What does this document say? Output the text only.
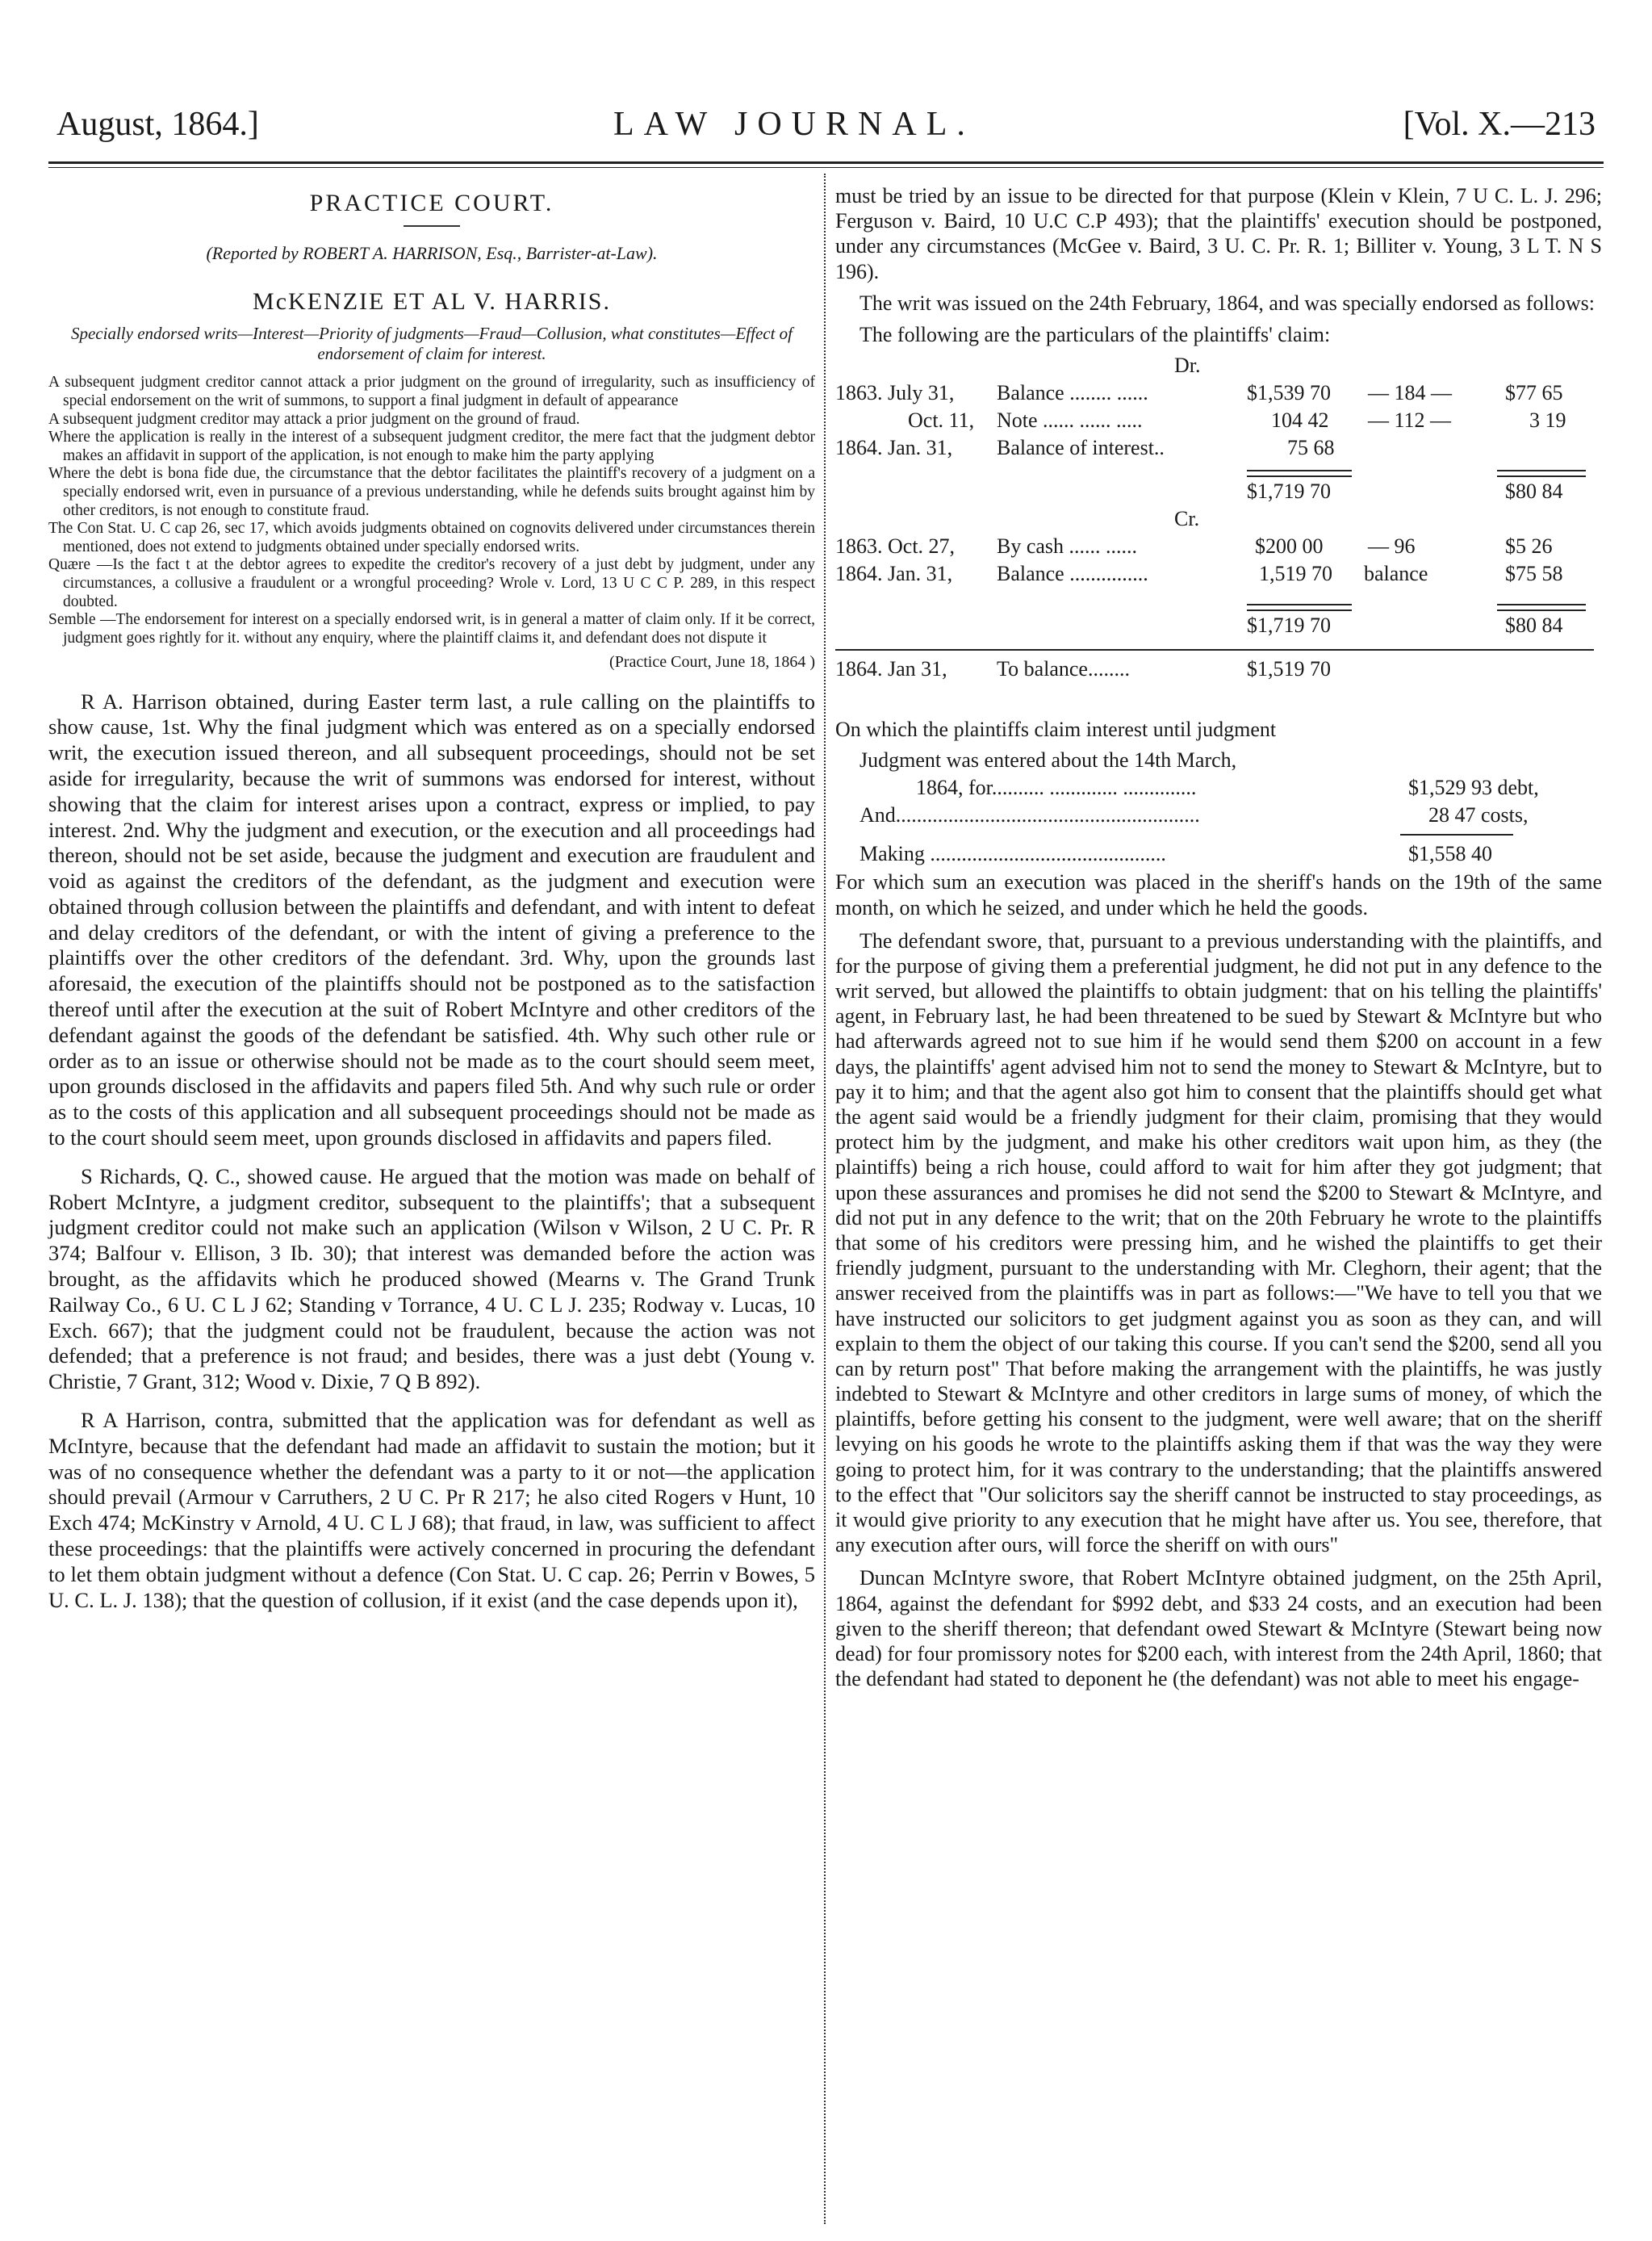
August, 1864.]	LAW JOURNAL.	[Vol. X.—213
PRACTICE COURT.
(Reported by ROBERT A. HARRISON, Esq., Barrister-at-Law).
McKENZIE ET AL V. HARRIS.
Specially endorsed writs—Interest—Priority of judgments—Fraud—Collusion, what constitutes—Effect of endorsement of claim for interest.

A subsequent judgment creditor cannot attack a prior judgment on the ground of irregularity, such as insufficiency of special endorsement on the writ of summons, to support a final judgment in default of appearance

A subsequent judgment creditor may attack a prior judgment on the ground of fraud.

Where the application is really in the interest of a subsequent judgment creditor, the mere fact that the judgment debtor makes an affidavit in support of the application, is not enough to make him the party applying

Where the debt is bona fide due, the circumstance that the debtor facilitates the plaintiff's recovery of a judgment on a specially endorsed writ, even in pursuance of a previous understanding, while he defends suits brought against him by other creditors, is not enough to constitute fraud.

The Con Stat. U. C cap 26, sec 17, which avoids judgments obtained on cognovits delivered under circumstances therein mentioned, does not extend to judgments obtained under specially endorsed writs.

Quære —Is the fact t at the debtor agrees to expedite the creditor's recovery of a just debt by judgment, under any circumstances, a collusive a fraudulent or a wrongful proceeding? Wrole v. Lord, 13 U C C P. 289, in this respect doubted.

Semble —The endorsement for interest on a specially endorsed writ, is in general a matter of claim only. If it be correct, judgment goes rightly for it. without any enquiry, where the plaintiff claims it, and defendant does not dispute it

(Practice Court, June 18, 1864 )

R A. Harrison obtained, during Easter term last, a rule calling on the plaintiffs to show cause, 1st. Why the final judgment which was entered as on a specially endorsed writ, the execution issued thereon, and all subsequent proceedings, should not be set aside for irregularity, because the writ of summons was endorsed for interest, without showing that the claim for interest arises upon a contract, express or implied, to pay interest. 2nd. Why the judgment and execution, or the execution and all proceedings had thereon, should not be set aside, because the judgment and execution are fraudulent and void as against the creditors of the defendant, as the judgment and execution were obtained through collusion between the plaintiffs and defendant, and with intent to defeat and delay creditors of the defendant, or with the intent of giving a preference to the plaintiffs over the other creditors of the defendant. 3rd. Why, upon the grounds last aforesaid, the execution of the plaintiffs should not be postponed as to the satisfaction thereof until after the execution at the suit of Robert McIntyre and other creditors of the defendant against the goods of the defendant be satisfied. 4th. Why such other rule or order as to an issue or otherwise should not be made as to the court should seem meet, upon grounds disclosed in the affidavits and papers filed 5th. And why such rule or order as to the costs of this application and all subsequent proceedings should not be made as to the court should seem meet, upon grounds disclosed in affidavits and papers filed.

S Richards, Q. C., showed cause. He argued that the motion was made on behalf of Robert McIntyre, a judgment creditor, subsequent to the plaintiffs'; that a subsequent judgment creditor could not make such an application (Wilson v Wilson, 2 U C. Pr. R 374; Balfour v. Ellison, 3 Ib. 30); that interest was demanded before the action was brought, as the affidavits which he produced showed (Mearns v. The Grand Trunk Railway Co., 6 U. C L J 62; Standing v Torrance, 4 U. C L J. 235; Rodway v. Lucas, 10 Exch. 667); that the judgment could not be fraudulent, because the action was not defended; that a preference is not fraud; and besides, there was a just debt (Young v. Christie, 7 Grant, 312; Wood v. Dixie, 7 Q B 892).

R A Harrison, contra, submitted that the application was for defendant as well as McIntyre, because that the defendant had made an affidavit to sustain the motion; but it was of no consequence whether the defendant was a party to it or not—the application should prevail (Armour v Carruthers, 2 U C. Pr R 217; he also cited Rogers v Hunt, 10 Exch 474; McKinstry v Arnold, 4 U. C L J 68); that fraud, in law, was sufficient to affect these proceedings: that the plaintiffs were actively concerned in procuring the defendant to let them obtain judgment without a defence (Con Stat. U. C cap. 26; Perrin v Bowes, 5 U. C. L. J. 138); that the question of collusion, if it exist (and the case depends upon it),

must be tried by an issue to be directed for that purpose (Klein v Klein, 7 U C. L. J. 296; Ferguson v. Baird, 10 U.C C.P 493); that the plaintiffs' execution should be postponed, under any circumstances (McGee v. Baird, 3 U. C. Pr. R. 1; Billiter v. Young, 3 L T. N S 196).

The writ was issued on the 24th February, 1864, and was specially endorsed as follows:

The following are the particulars of the plaintiffs' claim:

Dr.
1863. July 31, Balance ........ ......	$1,539 70 — 184 —	$77 65
Oct. 11, Note ...... ...... .....	104 42 — 112 —	3 19
1864. Jan. 31, Balance of interest..	75 68
$1,719 70	$80 84
Cr.
1863. Oct. 27, By cash ...... ......	$200 00 — 96	$5 26
1864. Jan. 31, Balance ...............	1,519 70 balance	$75 58
$1,719 70	$80 84
1864. Jan 31, To balance........	$1,519 70

On which the plaintiffs claim interest until judgment

Judgment was entered about the 14th March,
1864, for.......... ............. ..............	$1,529 93 debt,
And..........................................................	28 47 costs,
Making .............................................	$1,558 40

For which sum an execution was placed in the sheriff's hands on the 19th of the same month, on which he seized, and under which he held the goods.

The defendant swore, that, pursuant to a previous understanding with the plaintiffs, and for the purpose of giving them a preferential judgment, he did not put in any defence to the writ served, but allowed the plaintiffs to obtain judgment: that on his telling the plaintiffs' agent, in February last, he had been threatened to be sued by Stewart & McIntyre but who had afterwards agreed not to sue him if he would send them $200 on account in a few days, the plaintiffs' agent advised him not to send the money to Stewart & McIntyre, but to pay it to him; and that the agent also got him to consent that the plaintiffs should get what the agent said would be a friendly judgment for their claim, promising that they would protect him by the judgment, and make his other creditors wait upon him, as they (the plaintiffs) being a rich house, could afford to wait for him after they got judgment; that upon these assurances and promises he did not send the $200 to Stewart & McIntyre, and did not put in any defence to the writ; that on the 20th February he wrote to the plaintiffs that some of his creditors were pressing him, and he wished the plaintiffs to get their friendly judgment, pursuant to the understanding with Mr. Cleghorn, their agent; that the answer received from the plaintiffs was in part as follows:—"We have to tell you that we have instructed our solicitors to get judgment against you as soon as they can, and will explain to them the object of our taking this course. If you can't send the $200, send all you can by return post" That before making the arrangement with the plaintiffs, he was justly indebted to Stewart & McIntyre and other creditors in large sums of money, of which the plaintiffs, before getting his consent to the judgment, were well aware; that on the sheriff levying on his goods he wrote to the plaintiffs asking them if that was the way they were going to protect him, for it was contrary to the understanding; that the plaintiffs answered to the effect that "Our solicitors say the sheriff cannot be instructed to stay proceedings, as it would give priority to any execution that he might have after us. You see, therefore, that any execution after ours, will force the sheriff on with ours"

Duncan McIntyre swore, that Robert McIntyre obtained judgment, on the 25th April, 1864, against the defendant for $992 debt, and $33 24 costs, and an execution had been given to the sheriff thereon; that defendant owed Stewart & McIntyre (Stewart being now dead) for four promissory notes for $200 each, with interest from the 24th April, 1860; that the defendant had stated to deponent he (the defendant) was not able to meet his engage-
